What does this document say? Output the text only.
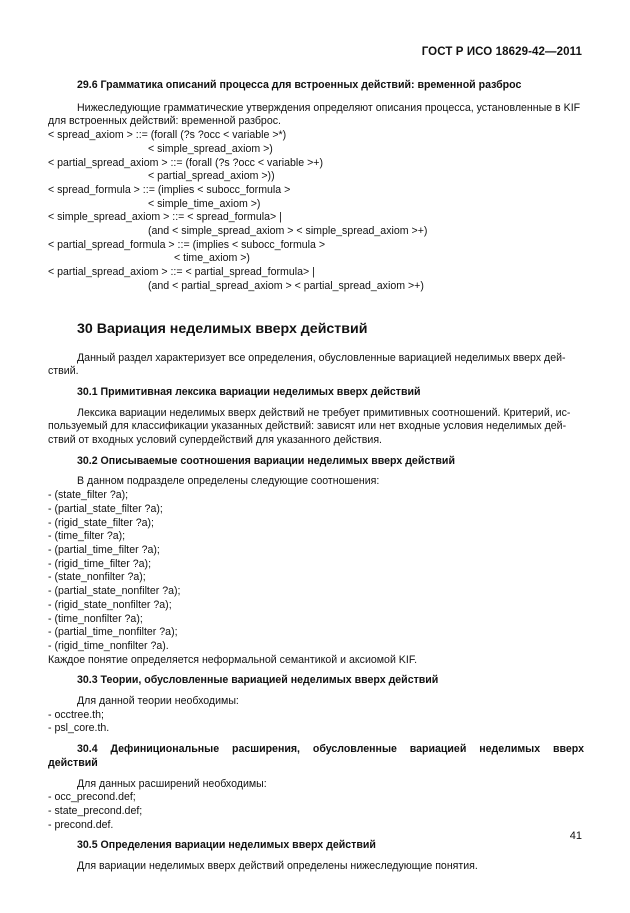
ГОСТ Р ИСО 18629-42—2011
29.6 Грамматика описаний процесса для встроенных действий: временной разброс
Нижеследующие грамматические утверждения определяют описания процесса, установленные в KIF
для встроенных действий: временной разброс.
< spread_axiom > ::= (forall (?s ?occ < variable >*)
< simple_spread_axiom >)
< partial_spread_axiom > ::= (forall (?s ?occ < variable >+)
< partial_spread_axiom >))
< spread_formula > ::= (implies < subocc_formula >
< simple_time_axiom >)
< simple_spread_axiom > ::= < spread_formula> |
(and < simple_spread_axiom > < simple_spread_axiom >+)
< partial_spread_formula > ::= (implies < subocc_formula >
< time_axiom >)
< partial_spread_axiom > ::= < partial_spread_formula> |
(and < partial_spread_axiom > < partial_spread_axiom >+)
30 Вариация неделимых вверх действий
Данный раздел характеризует все определения, обусловленные вариацией неделимых вверх дей-
ствий.
30.1 Примитивная лексика вариации неделимых вверх действий
Лексика вариации неделимых вверх действий не требует примитивных соотношений. Критерий, ис-
пользуемый для классификации указанных действий: зависят или нет входные условия неделимых дей-
ствий от входных условий супердействий для указанного действия.
30.2 Описываемые соотношения вариации неделимых вверх действий
В данном подразделе определены следующие соотношения:
- (state_filter ?a);
- (partial_state_filter ?a);
- (rigid_state_filter ?a);
- (time_filter ?a);
- (partial_time_filter ?a);
- (rigid_time_filter ?a);
- (state_nonfilter ?a);
- (partial_state_nonfilter ?a);
- (rigid_state_nonfilter ?a);
- (time_nonfilter ?a);
- (partial_time_nonfilter ?a);
- (rigid_time_nonfilter ?a).
Каждое понятие определяется неформальной семантикой и аксиомой KIF.
30.3 Теории, обусловленные вариацией неделимых вверх действий
Для данной теории необходимы:
- occtree.th;
- psl_core.th.
30.4 Дефинициональные расширения, обусловленные вариацией неделимых вверх
действий
Для данных расширений необходимы:
- occ_precond.def;
- state_precond.def;
- precond.def.
30.5 Определения вариации неделимых вверх действий
Для вариации неделимых вверх действий определены нижеследующие понятия.
41
